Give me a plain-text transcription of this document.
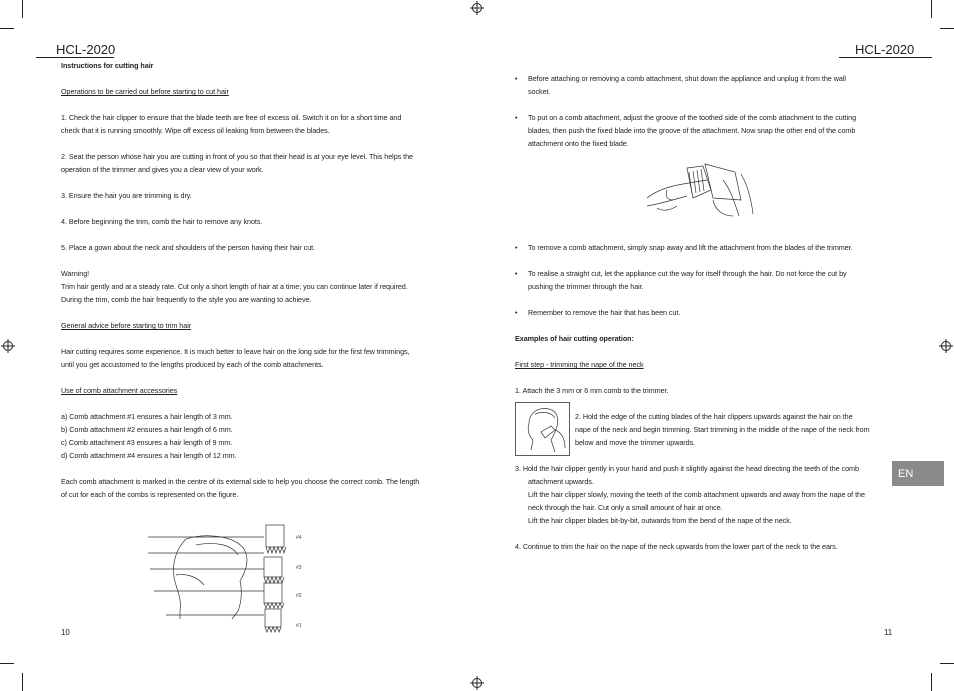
HCL-2020
Instructions for cutting hair
Operations to be carried out before starting to cut hair
1. Check the hair clipper to ensure that the blade teeth are free of excess oil. Switch it on for a short time and
check that it is running smoothly. Wipe off excess oil leaking from between the blades.
2. Seat the person whose hair you are cutting in front of you so that their head is at your eye level. This helps the
operation of the trimmer and gives you a clear view of your work.
3. Ensure the hair you are trimming is dry.
4. Before beginning the trim, comb the hair to remove any knots.
5. Place a gown about the neck and shoulders of the person having their hair cut.
Warning!
Trim hair gently and at a steady rate. Cut only a short length of hair at a time; you can continue later if required.
During the trim, comb the hair frequently to the style you are wanting to achieve.
General advice before starting to trim hair
Hair cutting requires some experience. It is much better to leave hair on the long side for the first few trimmings,
until you get accustomed to the lengths produced by each of the comb attachments.
Use of comb attachment accessories
a) Comb attachment #1 ensures a hair length of 3 mm.
b) Comb attachment #2 ensures a hair length of 6 mm.
c) Comb attachment #3 ensures a hair length of 9 mm.
d) Comb attachment #4 ensures a hair length of 12 mm.
Each comb attachment is marked in the centre of its external side to help you choose the correct comb. The length
of cut for each of the combs is represented on the figure.
#4
#3
#2
#1
10
HCL-2020
• Before attaching or removing a comb attachment, shut down the appliance and unplug it from the wall
socket.
• To put on a comb attachment, adjust the groove of the toothed side of the comb attachment to the cutting
blades, then push the fixed blade into the groove of the attachment. Now snap the other end of the comb
attachment onto the fixed blade.
•	To remove a comb attachment, simply snap away and lift the attachment from the blades of the trimmer.
• To realise a straight cut, let the appliance cut the way for itself through the hair. Do not force the cut by
pushing the trimmer through the hair.
•	Remember to remove the hair that has been cut.
Examples of hair cutting operation:
First step - trimming the nape of the neck
1. Attach the 3 mm or 6 mm comb to the trimmer.
2. Hold the edge of the cutting blades of the hair clippers upwards against the hair on the
nape of the neck and begin trimming. Start trimming in the middle of the nape of the neck from
below and move the trimmer upwards.
3. Hold the hair clipper gently in your hand and push it slightly against the head directing the teeth of the comb
attachment upwards.
Lift the hair clipper slowly, moving the teeth of the comb attachment upwards and away from the nape of the
neck through the hair. Cut only a small amount of hair at once.
Lift the hair clipper blades bit-by-bit, outwards from the bend of the nape of the neck.
4. Continue to trim the hair on the nape of the neck upwards from the lower part of the neck to the ears.
EN
11
